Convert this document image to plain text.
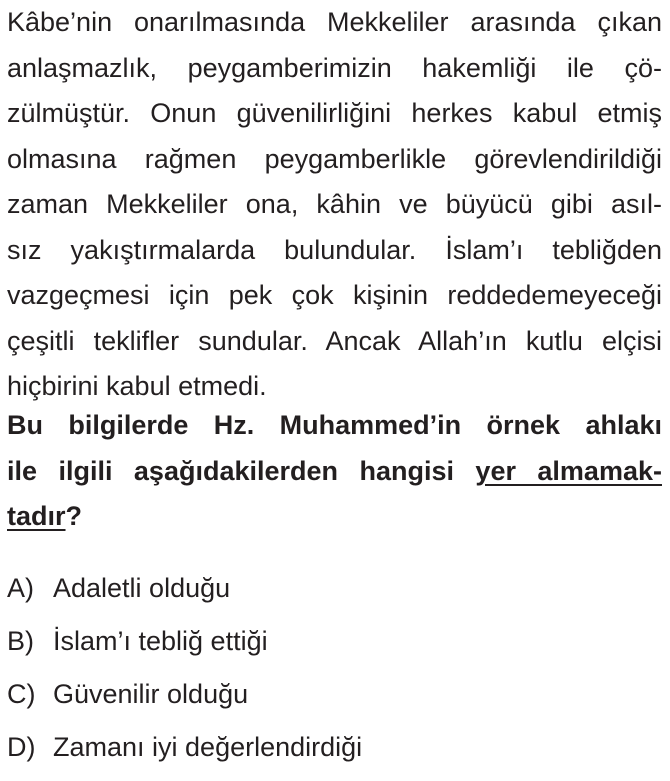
Kâbe’nin onarılmasında Mekkeliler arasında çıkan
anlaşmazlık, peygamberimizin hakemliği ile çö-
zülmüştür. Onun güvenilirliğini herkes kabul etmiş
olmasına rağmen peygamberlikle görevlendirildiği
zaman Mekkeliler ona, kâhin ve büyücü gibi asıl-
sız yakıştırmalarda bulundular. İslam’ı tebliğden
vazgeçmesi için pek çok kişinin reddedemeyeceği
çeşitli teklifler sundular. Ancak Allah’ın kutlu elçisi
hiçbirini kabul etmedi.
Bu bilgilerde Hz. Muhammed’in örnek ahlakı
ile ilgili aşağıdakilerden hangisi yer almamak-
tadır?
A) Adaletli olduğu
B) İslam’ı tebliğ ettiği
C) Güvenilir olduğu
D) Zamanı iyi değerlendirdiği
